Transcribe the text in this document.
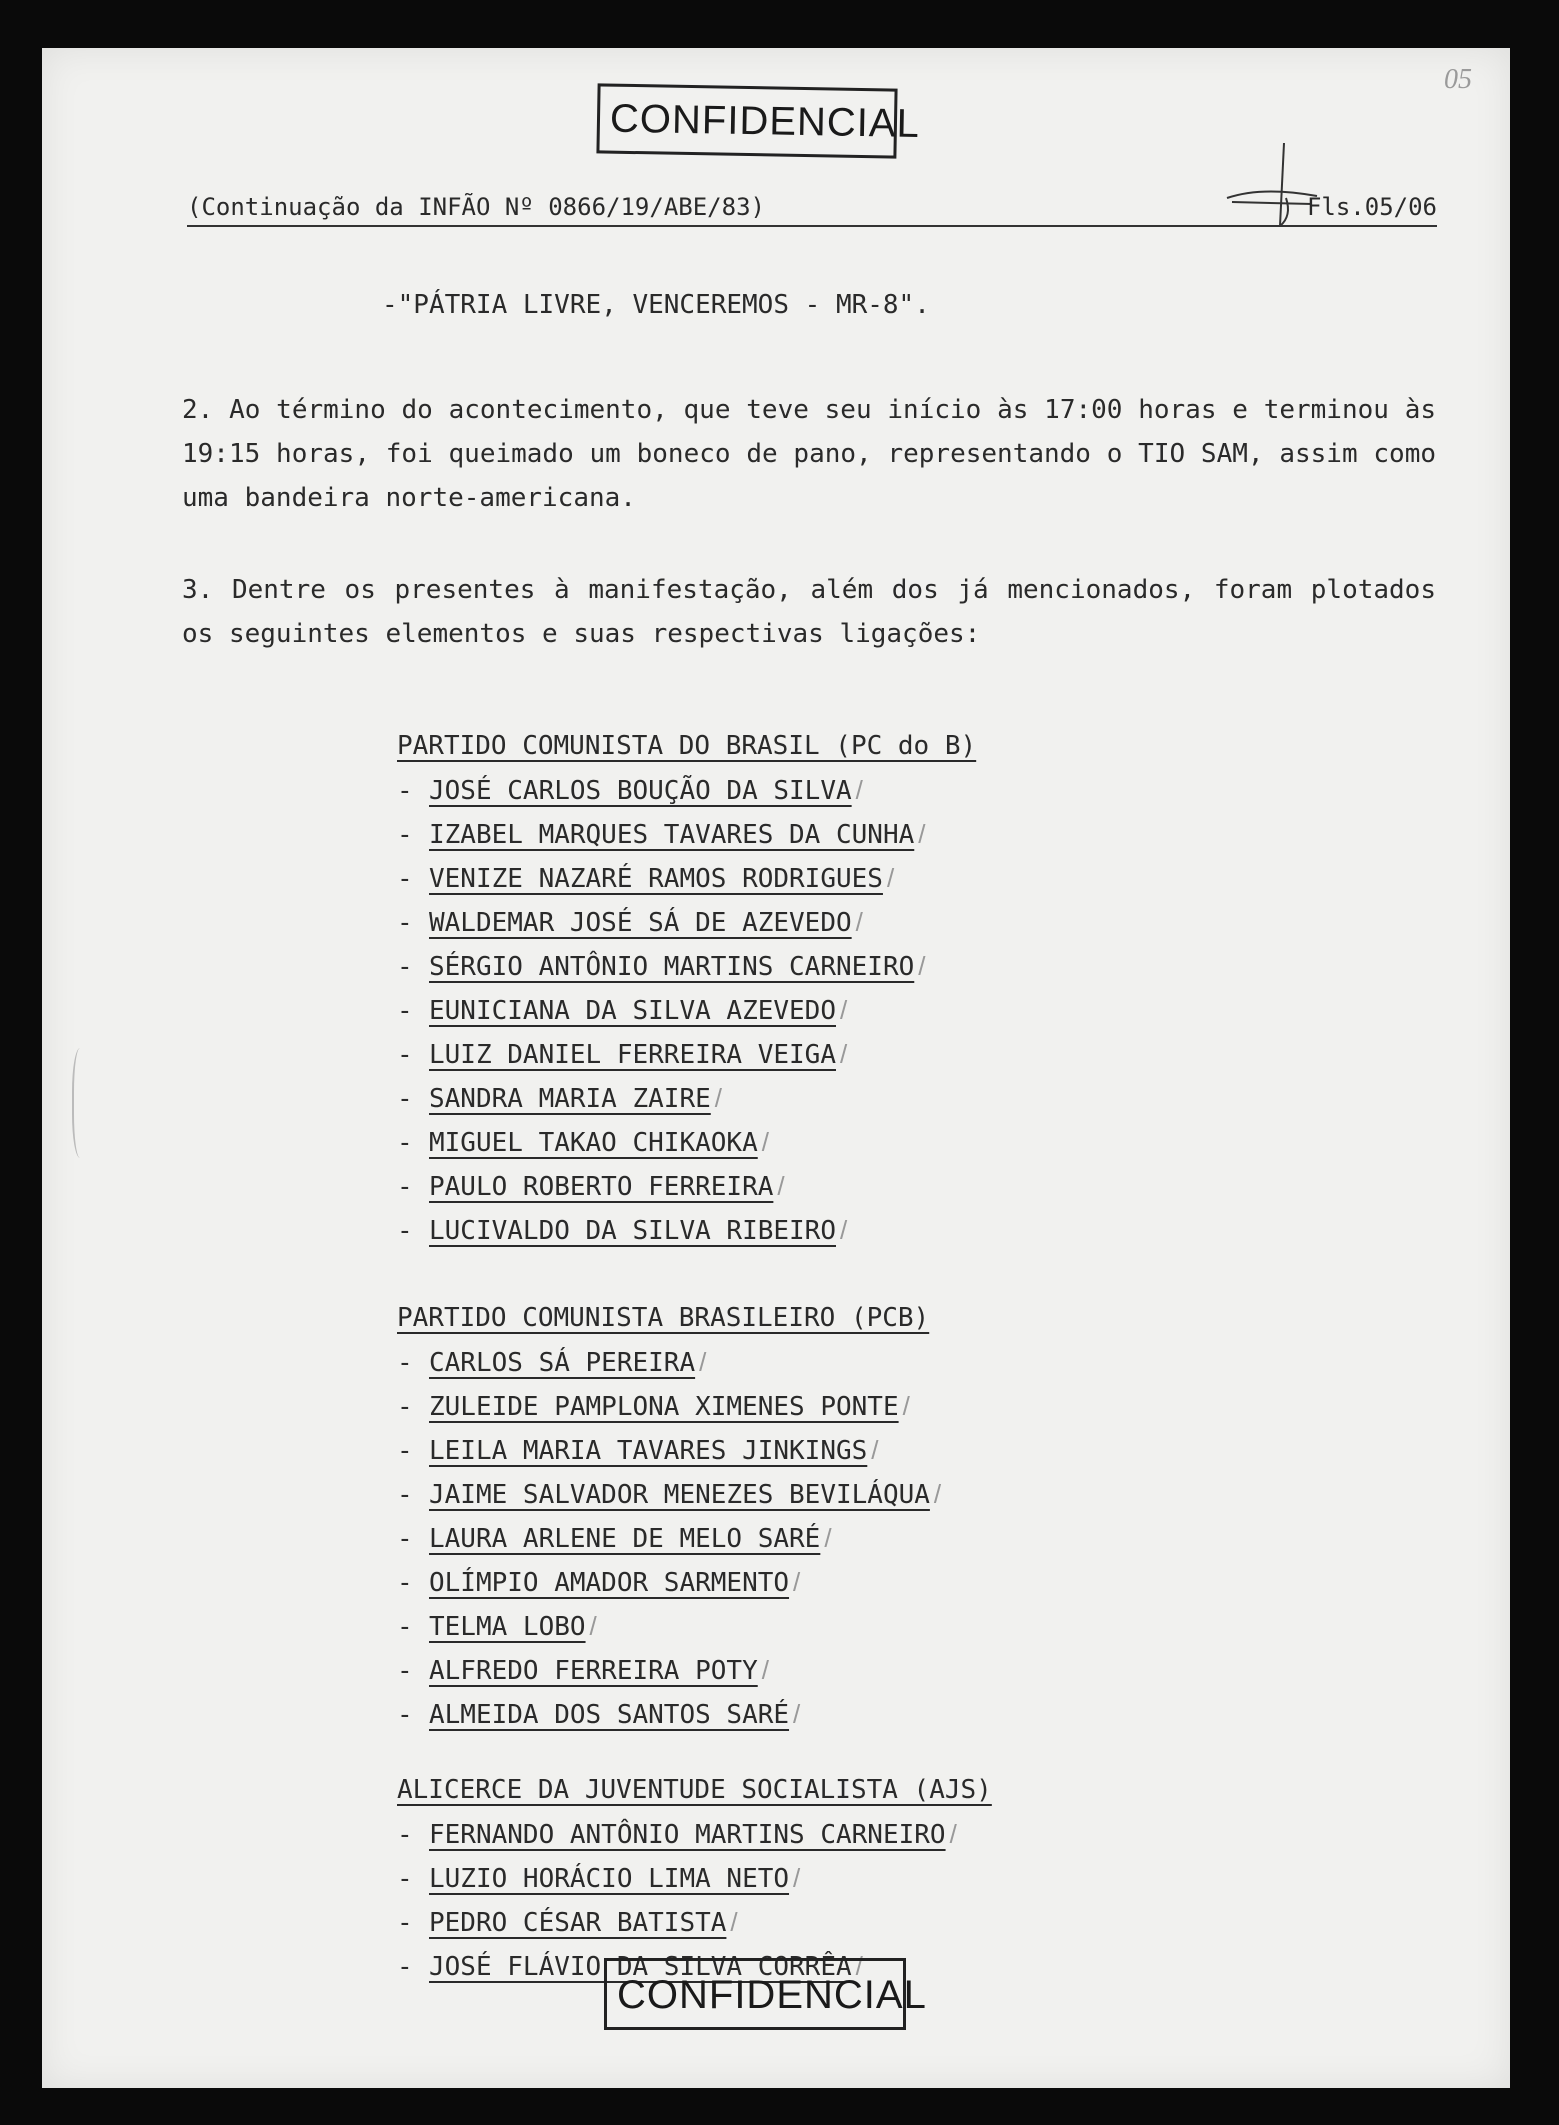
05
CONFIDENCIAL
(Continuação da INFÃO Nº 0866/19/ABE/83)	Fls.05/06
-"PÁTRIA LIVRE, VENCEREMOS - MR-8".
2. Ao término do acontecimento, que teve seu início às 17:00 horas e terminou às 19:15 horas, foi queimado um boneco de pano, representando o TIO SAM, assim como uma bandeira norte-americana.
3. Dentre os presentes à manifestação, além dos já mencionados, foram plotados os seguintes elementos e suas respectivas ligações:
PARTIDO COMUNISTA DO BRASIL (PC do B)
- JOSÉ CARLOS BOUÇÃO DA SILVA /
- IZABEL MARQUES TAVARES DA CUNHA /
- VENIZE NAZARÉ RAMOS RODRIGUES /
- WALDEMAR JOSÉ SÁ DE AZEVEDO /
- SÉRGIO ANTÔNIO MARTINS CARNEIRO /
- EUNICIANA DA SILVA AZEVEDO /
- LUIZ DANIEL FERREIRA VEIGA /
- SANDRA MARIA ZAIRE /
- MIGUEL TAKAO CHIKAOKA /
- PAULO ROBERTO FERREIRA /
- LUCIVALDO DA SILVA RIBEIRO /
PARTIDO COMUNISTA BRASILEIRO (PCB)
- CARLOS SÁ PEREIRA /
- ZULEIDE PAMPLONA XIMENES PONTE /
- LEILA MARIA TAVARES JINKINGS /
- JAIME SALVADOR MENEZES BEVILÁQUA /
- LAURA ARLENE DE MELO SARÉ /
- OLÍMPIO AMADOR SARMENTO /
- TELMA LOBO /
- ALFREDO FERREIRA POTY /
- ALMEIDA DOS SANTOS SARÉ /
ALICERCE DA JUVENTUDE SOCIALISTA (AJS)
- FERNANDO ANTÔNIO MARTINS CARNEIRO /
- LUZIO HORÁCIO LIMA NETO /
- PEDRO CÉSAR BATISTA /
- JOSÉ FLÁVIO DA SILVA CORRÊA /
CONFIDENCIAL
